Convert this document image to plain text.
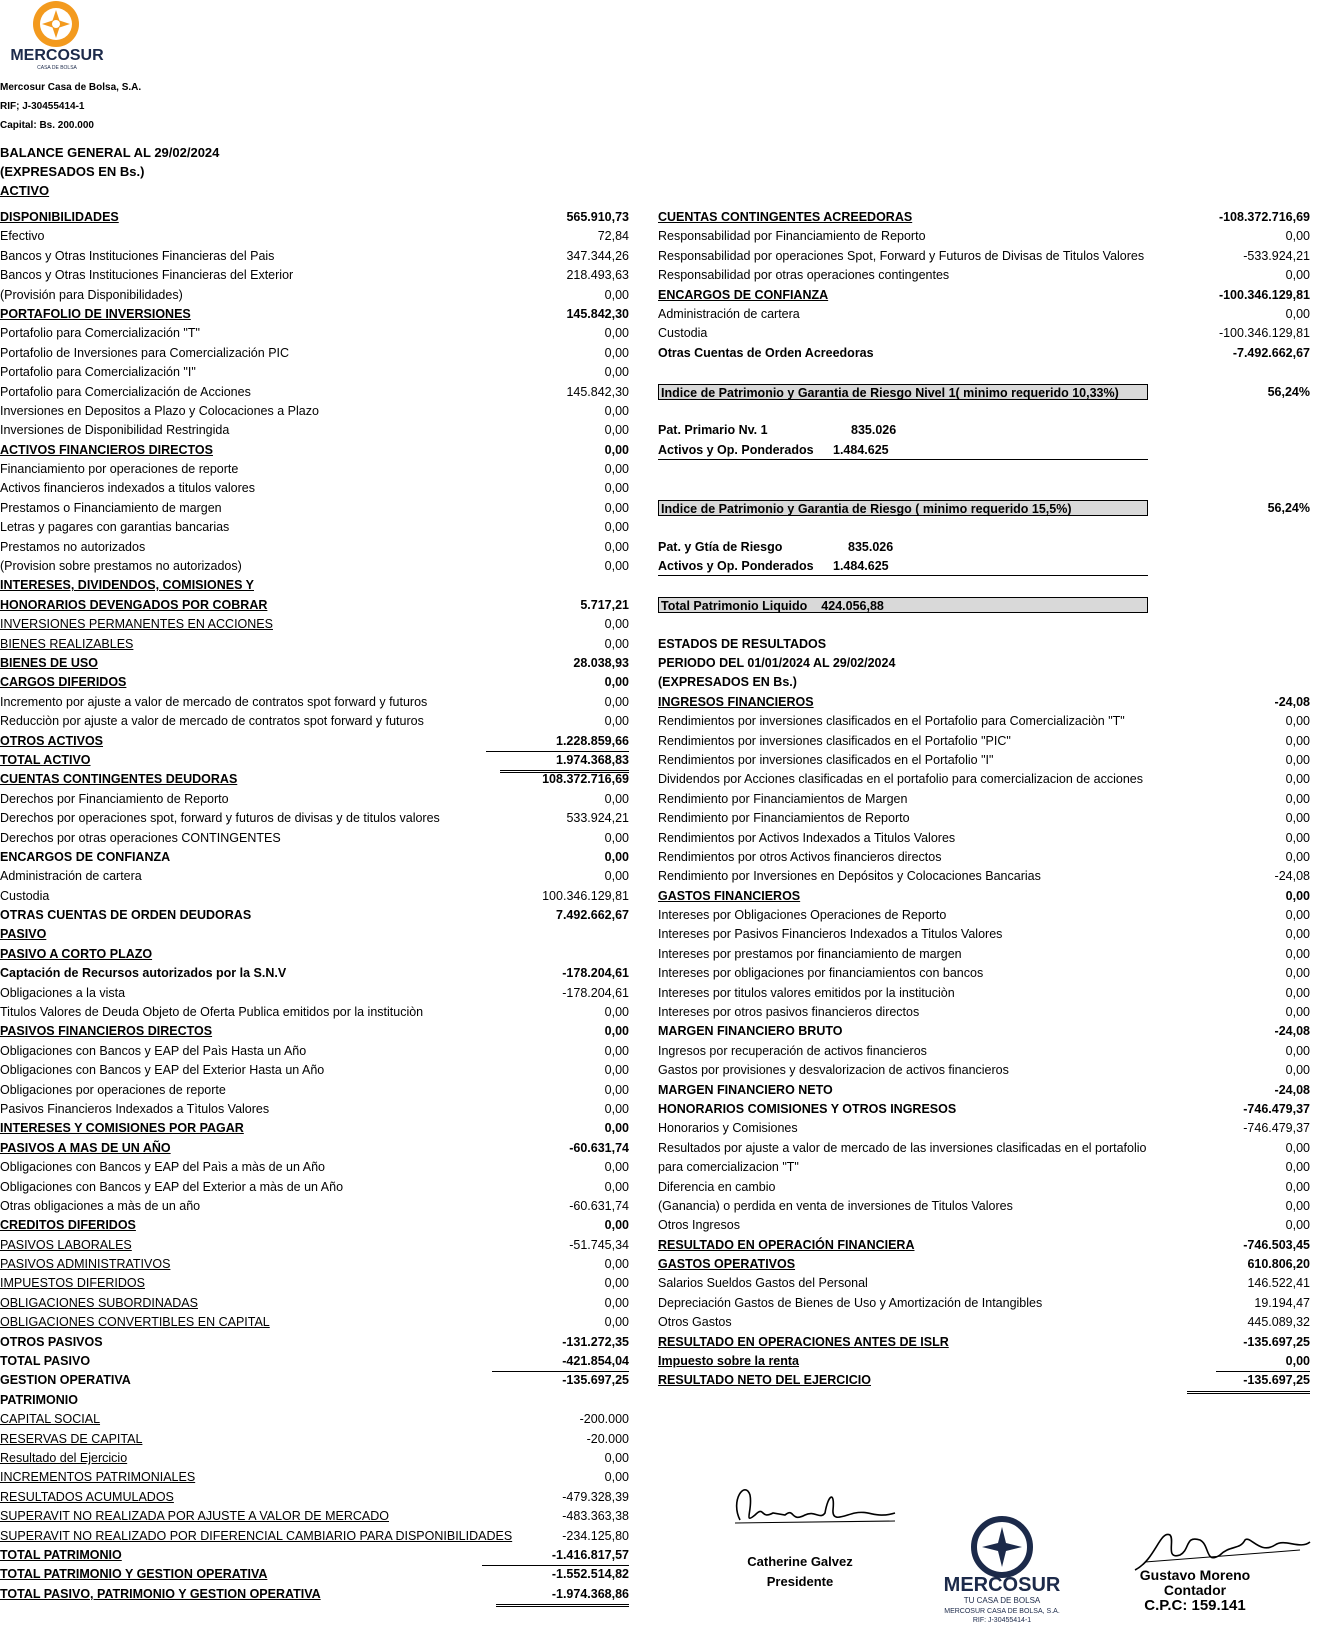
MERCOSUR
CASA DE BOLSA
Mercosur Casa de Bolsa, S.A.
RIF; J-30455414-1
Capital: Bs. 200.000
BALANCE GENERAL AL 29/02/2024
(EXPRESADOS EN Bs.)
ACTIVO
DISPONIBILIDADES	565.910,73
Efectivo	72,84
Bancos y Otras Instituciones Financieras del Pais	347.344,26
Bancos y Otras Instituciones Financieras del Exterior	218.493,63
(Provisión para Disponibilidades)	0,00
PORTAFOLIO DE INVERSIONES	145.842,30
Portafolio para Comercialización "T"	0,00
Portafolio de Inversiones para Comercialización PIC	0,00
Portafolio para Comercialización "I"	0,00
Portafolio para Comercialización de Acciones	145.842,30
Inversiones en Depositos a Plazo y Colocaciones a Plazo	0,00
Inversiones de Disponibilidad Restringida	0,00
ACTIVOS FINANCIEROS DIRECTOS	0,00
Financiamiento por operaciones de reporte	0,00
Activos financieros indexados a titulos valores	0,00
Prestamos o Financiamiento de margen	0,00
Letras y pagares con garantias bancarias	0,00
Prestamos no autorizados	0,00
(Provision sobre prestamos no autorizados)	0,00
INTERESES, DIVIDENDOS, COMISIONES Y
HONORARIOS DEVENGADOS POR COBRAR	5.717,21
INVERSIONES PERMANENTES EN ACCIONES	0,00
BIENES REALIZABLES	0,00
BIENES DE USO	28.038,93
CARGOS DIFERIDOS	0,00
Incremento por ajuste a valor de mercado de contratos spot forward y futuros	0,00
Reducciòn por ajuste a valor de mercado de contratos spot forward y futuros	0,00
OTROS ACTIVOS	1.228.859,66
TOTAL ACTIVO	1.974.368,83
CUENTAS CONTINGENTES DEUDORAS	108.372.716,69
Derechos por Financiamiento de Reporto	0,00
Derechos por operaciones spot, forward y futuros de divisas y de titulos valores	533.924,21
Derechos por otras operaciones CONTINGENTES	0,00
ENCARGOS DE CONFIANZA	0,00
Administración de cartera	0,00
Custodia	100.346.129,81
OTRAS CUENTAS DE ORDEN DEUDORAS	7.492.662,67
PASIVO
PASIVO A CORTO PLAZO
Captación de Recursos autorizados por la S.N.V	-178.204,61
Obligaciones a la vista	-178.204,61
Titulos Valores de Deuda Objeto de Oferta Publica emitidos por la instituciòn	0,00
PASIVOS FINANCIEROS DIRECTOS	0,00
Obligaciones con Bancos y EAP del Paìs Hasta un Año	0,00
Obligaciones con Bancos y EAP del Exterior Hasta un Año	0,00
Obligaciones por operaciones de reporte	0,00
Pasivos Financieros Indexados a Tìtulos Valores	0,00
INTERESES Y COMISIONES POR PAGAR	0,00
PASIVOS A MAS DE UN AÑO	-60.631,74
Obligaciones con Bancos y EAP del Paìs a màs de un Año	0,00
Obligaciones con Bancos y EAP del Exterior a màs de un Año	0,00
Otras obligaciones a màs de un año	-60.631,74
CREDITOS DIFERIDOS	0,00
PASIVOS LABORALES	-51.745,34
PASIVOS ADMINISTRATIVOS	0,00
IMPUESTOS DIFERIDOS	0,00
OBLIGACIONES SUBORDINADAS	0,00
OBLIGACIONES CONVERTIBLES EN CAPITAL	0,00
OTROS PASIVOS	-131.272,35
TOTAL PASIVO	-421.854,04
GESTION OPERATIVA	-135.697,25
PATRIMONIO
CAPITAL SOCIAL	-200.000
RESERVAS DE CAPITAL	-20.000
Resultado del Ejercicio	0,00
INCREMENTOS PATRIMONIALES	0,00
RESULTADOS ACUMULADOS	-479.328,39
SUPERAVIT NO REALIZADA POR AJUSTE A VALOR DE MERCADO	-483.363,38
SUPERAVIT NO REALIZADO POR DIFERENCIAL CAMBIARIO PARA DISPONIBILIDADES	-234.125,80
TOTAL PATRIMONIO	-1.416.817,57
TOTAL PATRIMONIO Y GESTION OPERATIVA	-1.552.514,82
TOTAL PASIVO, PATRIMONIO Y GESTION OPERATIVA	-1.974.368,86
CUENTAS CONTINGENTES ACREEDORAS	-108.372.716,69
Responsabilidad por Financiamiento de Reporto	0,00
Responsabilidad por operaciones Spot, Forward y Futuros de Divisas de Titulos Valores	-533.924,21
Responsabilidad por otras operaciones contingentes	0,00
ENCARGOS DE CONFIANZA	-100.346.129,81
Administración de cartera	0,00
Custodia	-100.346.129,81
Otras Cuentas de Orden Acreedoras	-7.492.662,67
Indice de Patrimonio y Garantia de Riesgo Nivel 1( minimo requerido 10,33%)	56,24%
Pat. Primario Nv. 1	835.026
Activos y Op. Ponderados 1.484.625
Indice de Patrimonio y Garantia de Riesgo ( minimo requerido 15,5%)	56,24%
Pat. y Gtía de Riesgo	835.026
Activos y Op. Ponderados 1.484.625
Total Patrimonio Liquido 424.056,88
ESTADOS DE RESULTADOS
PERIODO DEL 01/01/2024 AL 29/02/2024
(EXPRESADOS EN Bs.)
INGRESOS FINANCIEROS	-24,08
Rendimientos por inversiones clasificados en el Portafolio para Comercializaciòn "T"	0,00
Rendimientos por inversiones clasificados en el Portafolio "PIC"	0,00
Rendimientos por inversiones clasificados en el Portafolio "I"	0,00
Dividendos por Acciones clasificadas en el portafolio para comercializacion de acciones	0,00
Rendimiento por Financiamientos de Margen	0,00
Rendimiento por Financiamientos de Reporto	0,00
Rendimientos por Activos Indexados a Titulos Valores	0,00
Rendimientos por otros Activos financieros directos	0,00
Rendimiento por Inversiones en Depósitos y Colocaciones Bancarias	-24,08
GASTOS FINANCIEROS	0,00
Intereses por Obligaciones Operaciones de Reporto	0,00
Intereses por Pasivos Financieros Indexados a Titulos Valores	0,00
Intereses por prestamos por financiamiento de margen	0,00
Intereses por obligaciones por financiamientos con bancos	0,00
Intereses por titulos valores emitidos por la instituciòn	0,00
Intereses por otros pasivos financieros directos	0,00
MARGEN FINANCIERO BRUTO	-24,08
Ingresos por recuperación de activos financieros	0,00
Gastos por provisiones y desvalorizacion de activos financieros	0,00
MARGEN FINANCIERO NETO	-24,08
HONORARIOS COMISIONES Y OTROS INGRESOS	-746.479,37
Honorarios y Comisiones	-746.479,37
Resultados por ajuste a valor de mercado de las inversiones clasificadas en el portafolio	0,00
para comercializacion "T"	0,00
Diferencia en cambio	0,00
(Ganancia) o perdida en venta de inversiones de Titulos Valores	0,00
Otros Ingresos	0,00
RESULTADO EN OPERACIÓN FINANCIERA	-746.503,45
GASTOS OPERATIVOS	610.806,20
Salarios Sueldos Gastos del Personal	146.522,41
Depreciación Gastos de Bienes de Uso y Amortización de Intangibles	19.194,47
Otros Gastos	445.089,32
RESULTADO EN OPERACIONES ANTES DE ISLR	-135.697,25
Impuesto sobre la renta	0,00
RESULTADO NETO DEL EJERCICIO	-135.697,25
Catherine Galvez
Presidente	MERCOSUR
TU CASA DE BOLSA
MERCOSUR CASA DE BOLSA, S.A.
RIF: J-30455414-1
Gustavo Moreno
Contador
C.P.C: 159.141
